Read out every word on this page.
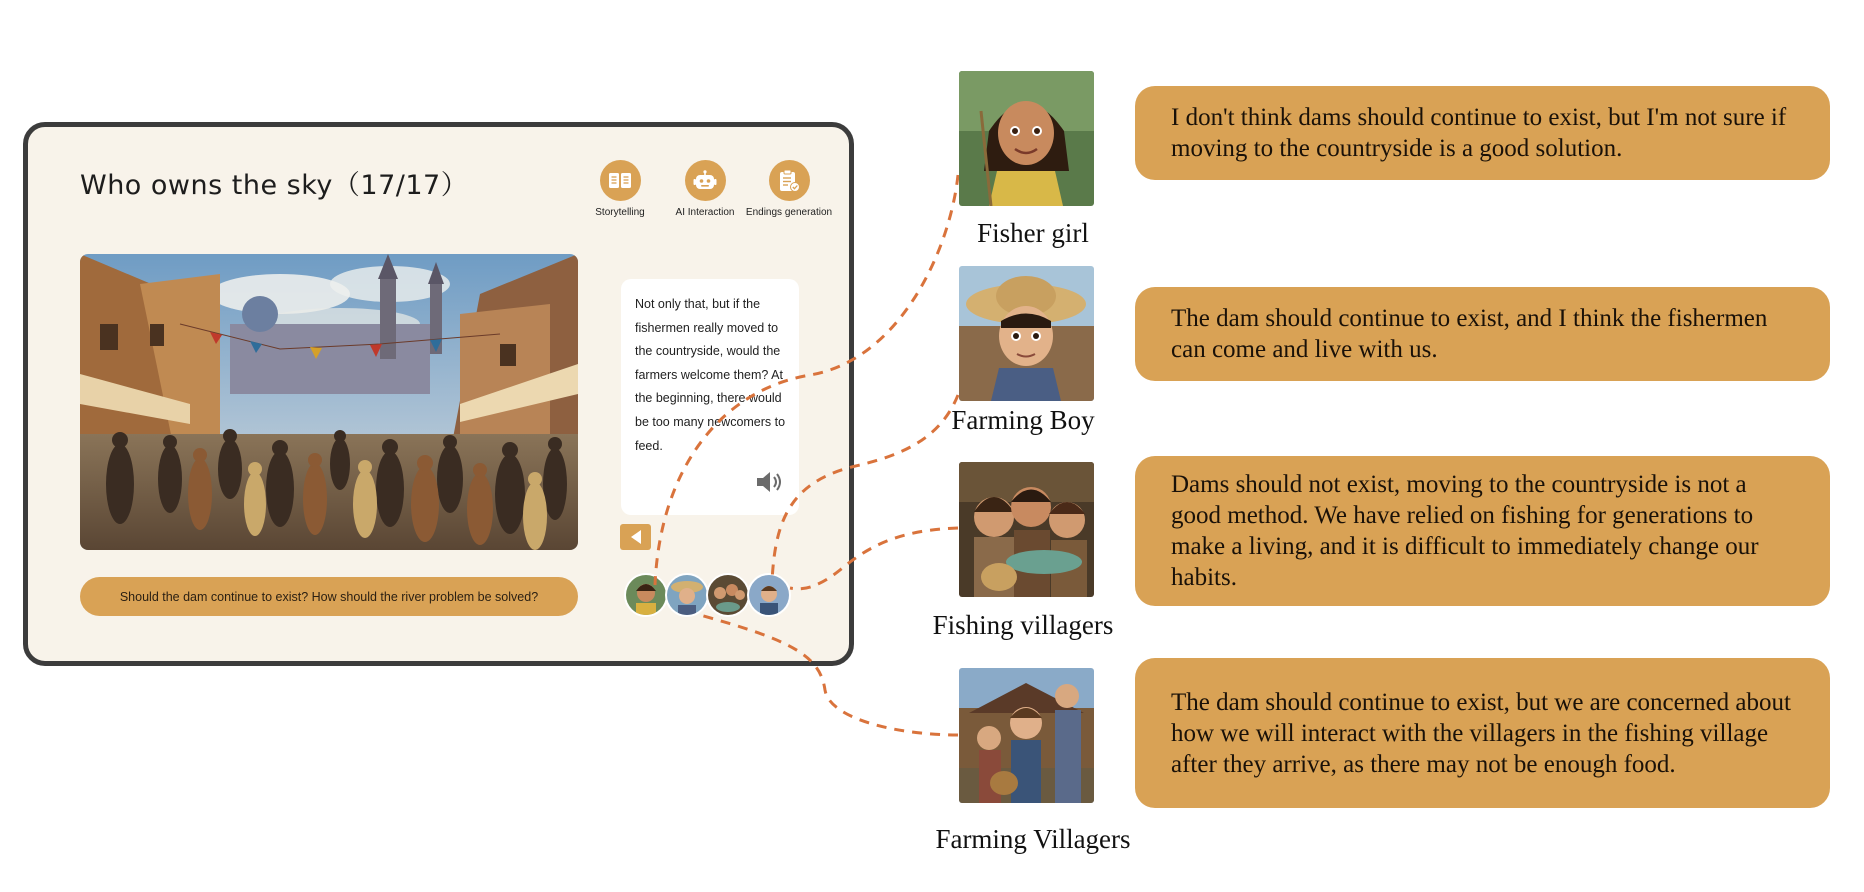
Who owns the sky（17/17）
Storytelling	AI Interaction	Endings generation
Not only that, but if the fishermen really moved to the countryside, would the farmers welcome them? At the beginning, there would be too many newcomers to feed.
Should the dam continue to exist? How should the river problem be solved?
Fisher girl
I don't think dams should continue to exist, but I'm not sure if moving to the countryside is a good solution.
Farming Boy
The dam should continue to exist, and I think the fishermen can come and live with us.
Fishing villagers
Dams should not exist, moving to the countryside is not a good method. We have relied on fishing for generations to make a living, and it is difficult to immediately change our habits.
Farming Villagers
The dam should continue to exist, but we are concerned about how we will interact with the villagers in the fishing village after they arrive, as there may not be enough food.
